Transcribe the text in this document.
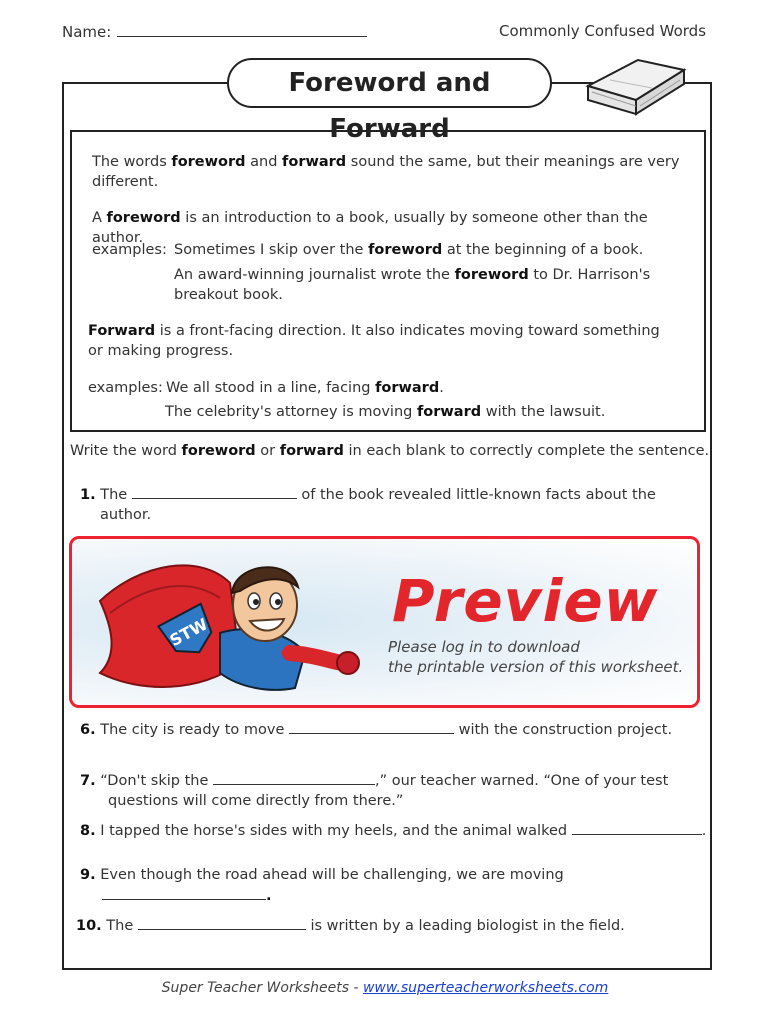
Name:	Commonly Confused Words
Foreword and Forward
The words foreword and forward sound the same, but their meanings are very
different.
A foreword is an introduction to a book, usually by someone other than the author.
examples: Sometimes I skip over the foreword at the beginning of a book.
An award-winning journalist wrote the foreword to Dr. Harrison's
breakout book.
Forward is a front-facing direction. It also indicates moving toward something
or making progress.
examples: We all stood in a line, facing forward.
The celebrity's attorney is moving forward with the lawsuit.
Write the word foreword or forward in each blank to correctly complete the sentence.
1. The	of the book revealed little-known facts about the
author.
STW	Preview
Please log in to download
the printable version of this worksheet.
6. The city is ready to move	with the construction project.
7. “Don't skip the	,” our teacher warned. “One of your test
questions will come directly from there.”
8. I tapped the horse's sides with my heels, and the animal walked	.
9. Even though the road ahead will be challenging, we are moving
.
10. The	is written by a leading biologist in the field.
Super Teacher Worksheets - www.superteacherworksheets.com
